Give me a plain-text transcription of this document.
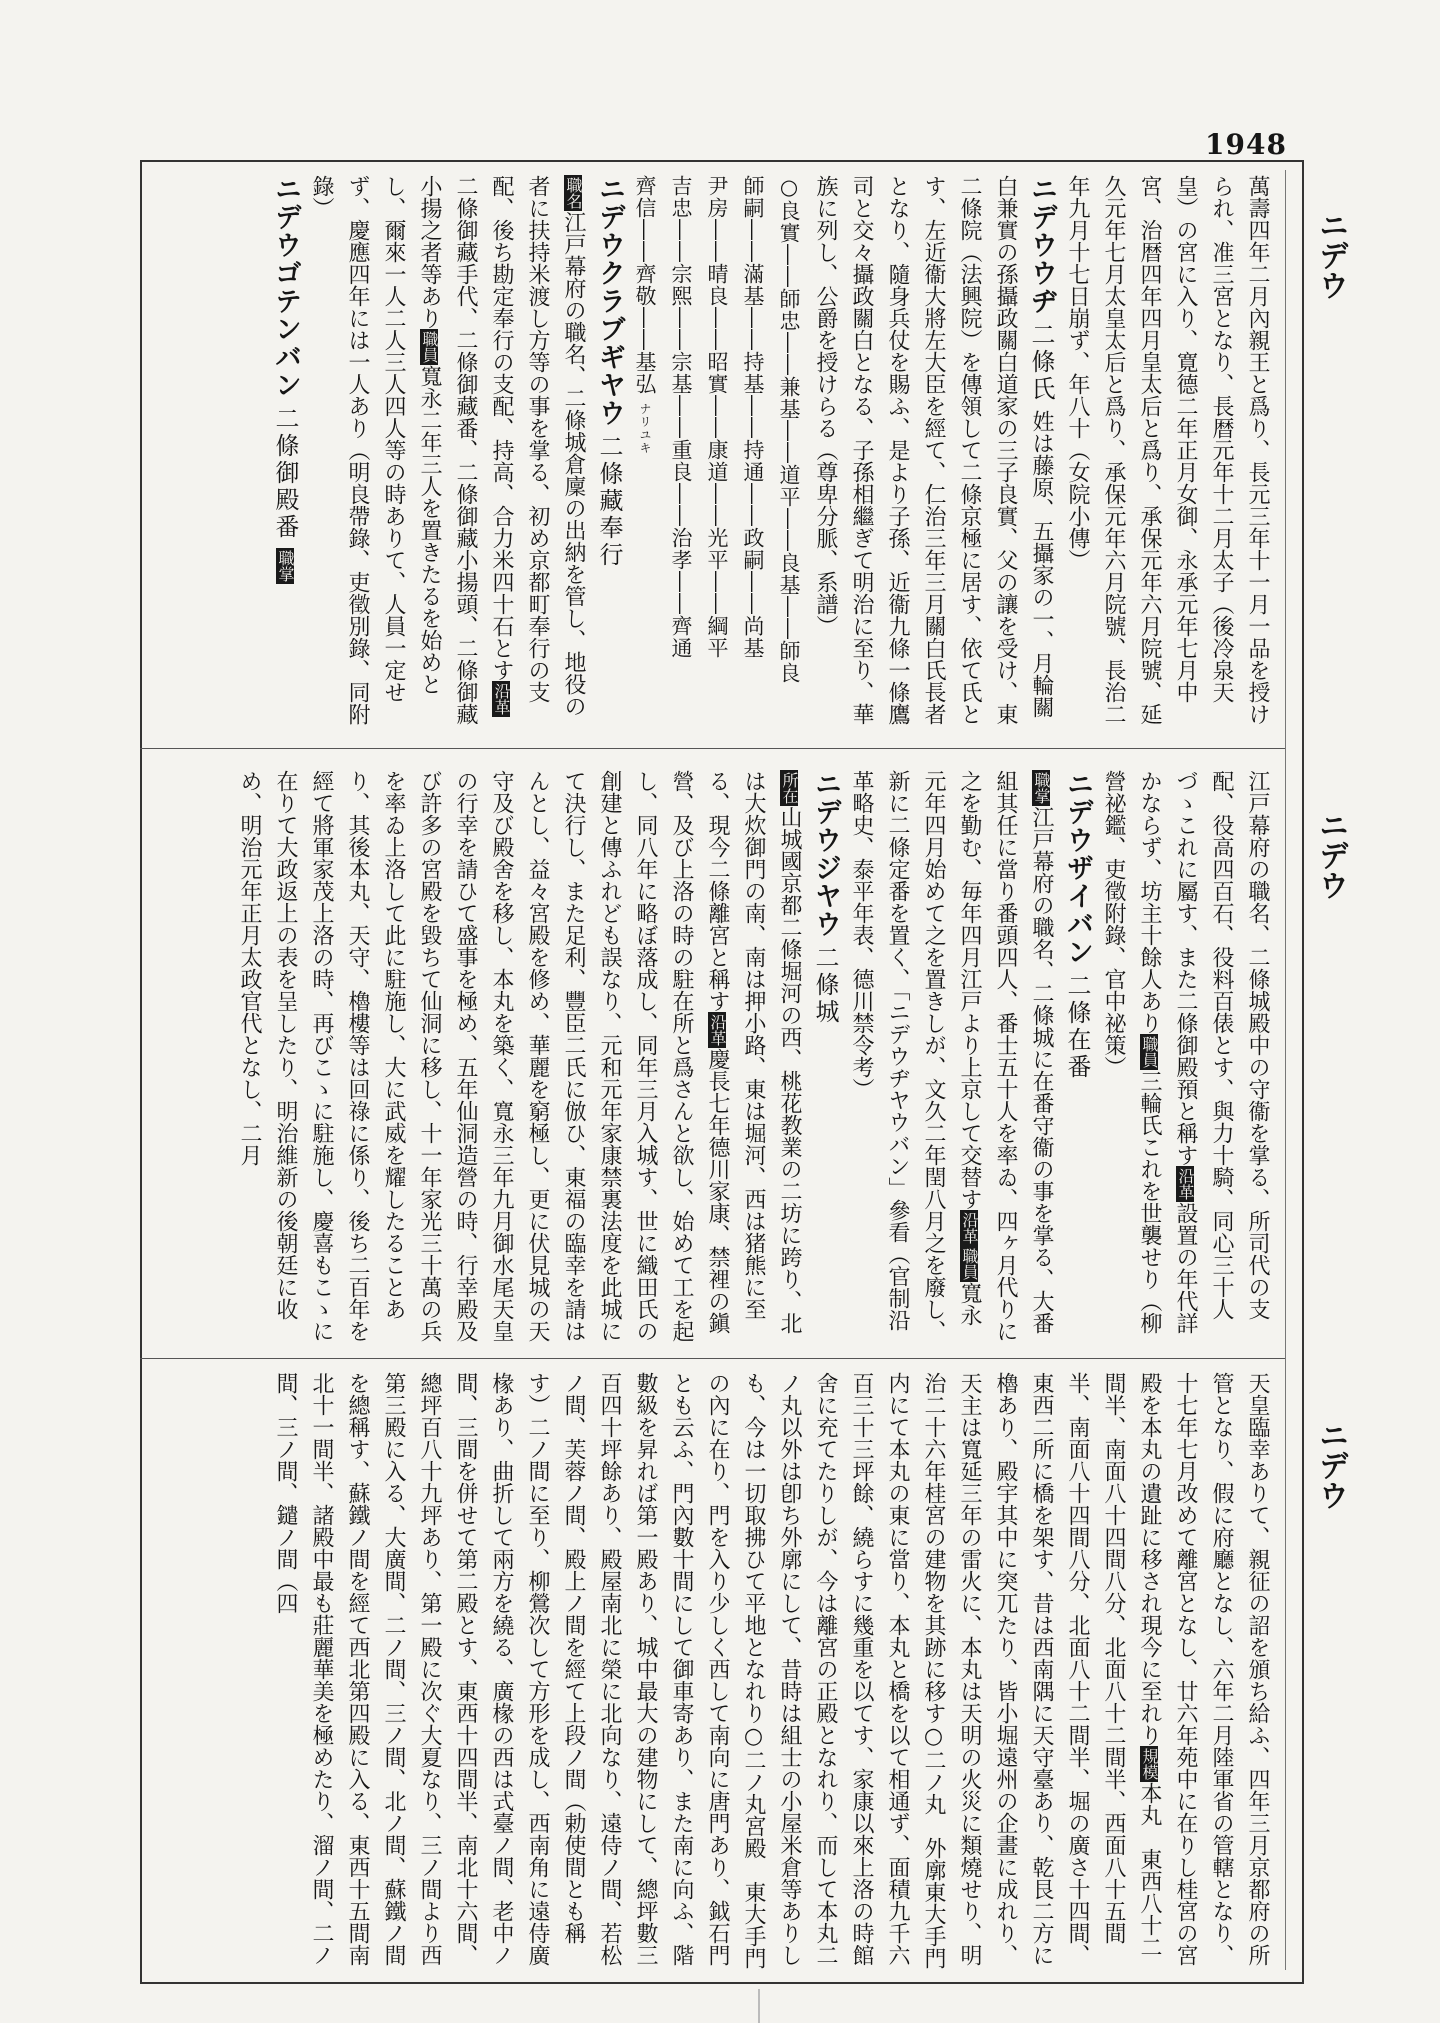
1948
ニデウ
ニデウ
ニデウ

萬壽四年二月內親王と爲り、長元三年十一月一品を授けられ、准三宮となり、長暦元年十二月太子（後冷泉天皇）の宮に入り、寛德二年正月女御、永承元年七月中宮、治暦四年四月皇太后と爲り、承保元年六月院號、延久元年七月太皇太后と爲り、承保元年六月院號、長治二年九月十七日崩ず、年八十（女院小傳）

ニデウウヂ 二條氏 姓は藤原、五攝家の一、月輪關白兼實の孫攝政關白道家の三子良實、父の讓を受け、東二條院（法興院）を傳領して二條京極に居す、依て氏とす、左近衞大將左大臣を經て、仁治三年三月關白氏長者となり、隨身兵仗を賜ふ、是より子孫、近衞九條一條鷹司と交々攝政關白となる、子孫相繼ぎて明治に至り、華族に列し、公爵を授けらる（尊卑分脈、系譜）

○良實――師忠――兼基――道平――良基――師良

師嗣――滿基――持基――持通――政嗣――尚基

尹房――晴良――昭實――康道――光平――綱平

吉忠――宗熙――宗基――重良――治孝――齊通

齊信――齊敬――基弘 ナリユキ

ニデウクラブギヤウ 二條藏奉行

職名江戸幕府の職名、二條城倉廩の出納を管し、地役の者に扶持米渡し方等の事を掌る、初め京都町奉行の支配、後ち勘定奉行の支配、持高、合力米四十石とす沿革二條御藏手代、二條御藏番、二條御藏小揚頭、二條御藏小揚之者等あり職員寬永二年三人を置きたるを始めとし、爾來一人二人三人四人等の時ありて、人員一定せず、慶應四年には一人あり（明良帶錄、吏徵別錄、同附錄）

ニデウゴテンバン 二條御殿番 職掌

江戸幕府の職名、二條城殿中の守衞を掌る、所司代の支配、役高四百石、役料百俵とす、與力十騎、同心三十人づゝこれに屬す、また二條御殿預と稱す沿革設置の年代詳かならず、坊主十餘人あり職員三輪氏これを世襲せり（柳營祕鑑、吏徵附錄、官中祕策）

ニデウザイバン 二條在番

職掌江戸幕府の職名、二條城に在番守衞の事を掌る、大番組其任に當り番頭四人、番士五十人を率ゐ、四ヶ月代りに之を勤む、毎年四月江戸より上京して交替す沿革職員寬永元年四月始めて之を置きしが、文久二年閏八月之を廢し、新に二條定番を置く、「ニデウヂヤウバン」參看（官制沿革略史、泰平年表、德川禁令考）

ニデウジヤウ 二條城

所在山城國京都二條堀河の西、桃花教業の二坊に跨り、北は大炊御門の南、南は押小路、東は堀河、西は猪熊に至る、現今二條離宮と稱す沿革慶長七年德川家康、禁裡の鎭營、及び上洛の時の駐在所と爲さんと欲し、始めて工を起し、同八年に略ぼ落成し、同年三月入城す、世に織田氏の創建と傳ふれども誤なり、元和元年家康禁裏法度を此城にて決行し、また足利、豐臣二氏に倣ひ、東福の臨幸を請はんとし、益々宮殿を修め、華麗を窮極し、更に伏見城の天守及び殿舍を移し、本丸を築く、寬永三年九月御水尾天皇の行幸を請ひて盛事を極め、五年仙洞造營の時、行幸殿及び許多の宮殿を毀ちて仙洞に移し、十一年家光三十萬の兵を率ゐ上洛して此に駐施し、大に武威を耀したることあり、其後本丸、天守、櫓樓等は回祿に係り、後ち二百年を經て將軍家茂上洛の時、再びこゝに駐施し、慶喜もこゝに在りて大政返上の表を呈したり、明治維新の後朝廷に收め、明治元年正月太政官代となし、二月

天皇臨幸ありて、親征の詔を頒ち給ふ、四年三月京都府の所管となり、假に府廳となし、六年二月陸軍省の管轄となり、十七年七月改めて離宮となし、廿六年苑中に在りし桂宮の宮殿を本丸の遺趾に移され現今に至れり規模本丸　東西八十二間半、南面八十四間八分、北面八十二間半、西面八十五間半、南面八十四間八分、北面八十二間半、堀の廣さ十四間、東西二所に橋を架す、昔は西南隅に天守臺あり、乾艮二方に櫓あり、殿宇其中に突兀たり、皆小堀遠州の企畫に成れり、天主は寬延三年の雷火に、本丸は天明の火災に類燒せり、明治二十六年桂宮の建物を其跡に移す○二ノ丸　外廓東大手門内にて本丸の東に當り、本丸と橋を以て相通ず、面積九千六百三十三坪餘、繞らすに幾重を以てす、家康以來上洛の時館舍に充てたりしが、今は離宮の正殿となれり、而して本丸二ノ丸以外は卽ち外廓にして、昔時は組士の小屋米倉等ありしも、今は一切取拂ひて平地となれり○二ノ丸宮殿　東大手門の內に在り、門を入り少しく西して南向に唐門あり、鉞石門とも云ふ、門內數十間にして御車寄あり、また南に向ふ、階數級を昇れば第一殿あり、城中最大の建物にして、總坪數三百四十坪餘あり、殿屋南北に榮に北向なり、遠侍ノ間、若松ノ間、芙蓉ノ間、殿上ノ間を經て上段ノ間（勅使間とも稱す）二ノ間に至り、柳鶯次して方形を成し、西南角に遠侍廣椽あり、曲折して兩方を繞る、廣椽の西は式臺ノ間、老中ノ間、三間を併せて第二殿とす、東西十四間半、南北十六間、總坪百八十九坪あり、第一殿に次ぐ大夏なり、三ノ間より西第三殿に入る、大廣間、二ノ間、三ノ間、北ノ間、蘇鐵ノ間を總稱す、蘇鐵ノ間を經て西北第四殿に入る、東西十五間南北十一間半、諸殿中最も莊麗華美を極めたり、溜ノ間、二ノ間、三ノ間、鑓ノ間（四
